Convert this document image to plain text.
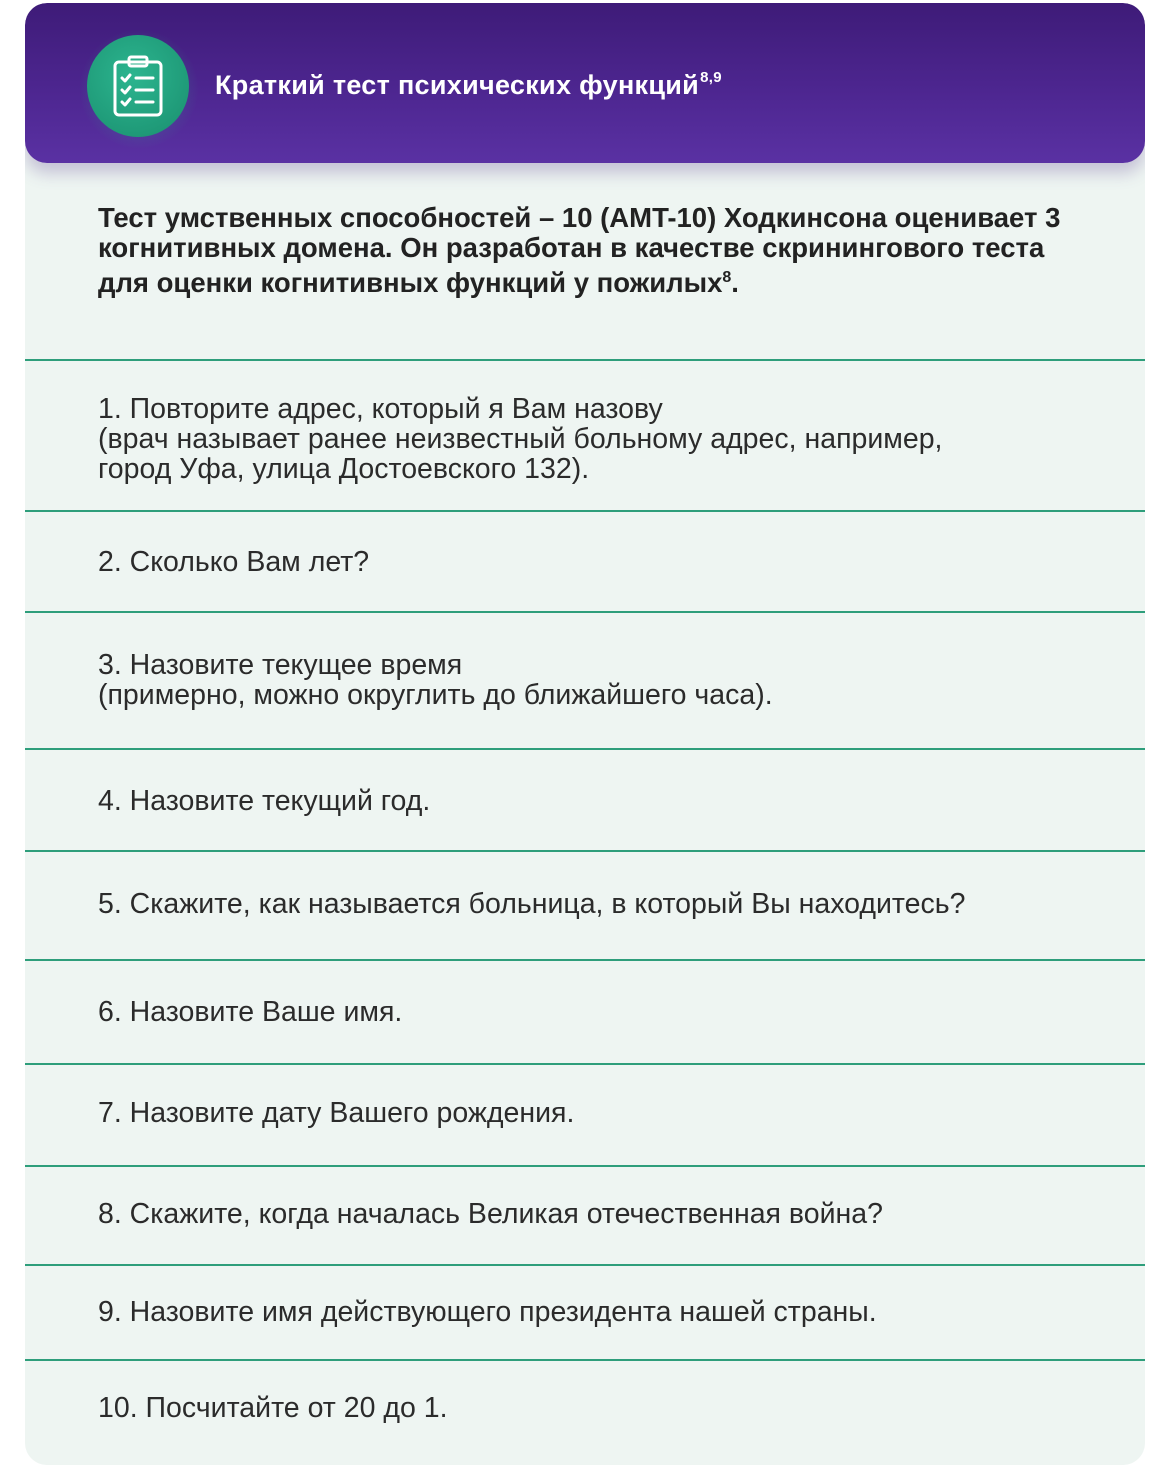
Краткий тест психических функций$^{8,9}$
Тест умственных способностей – 10 (AMT-10) Ходкинсона оценивает 3 когнитивных домена. Он разработан в качестве скринингового теста для оценки когнитивных функций у пожилых$^8$.
1. Повторите адрес, который я Вам назову
(врач называет ранее неизвестный больному адрес, например,
город Уфа, улица Достоевского 132).
2. Сколько Вам лет?
3. Назовите текущее время
(примерно, можно округлить до ближайшего часа).
4. Назовите текущий год.
5. Скажите, как называется больница, в который Вы находитесь?
6. Назовите Ваше имя.
7. Назовите дату Вашего рождения.
8. Скажите, когда началась Великая отечественная война?
9. Назовите имя действующего президента нашей страны.
10. Посчитайте от 20 до 1.
